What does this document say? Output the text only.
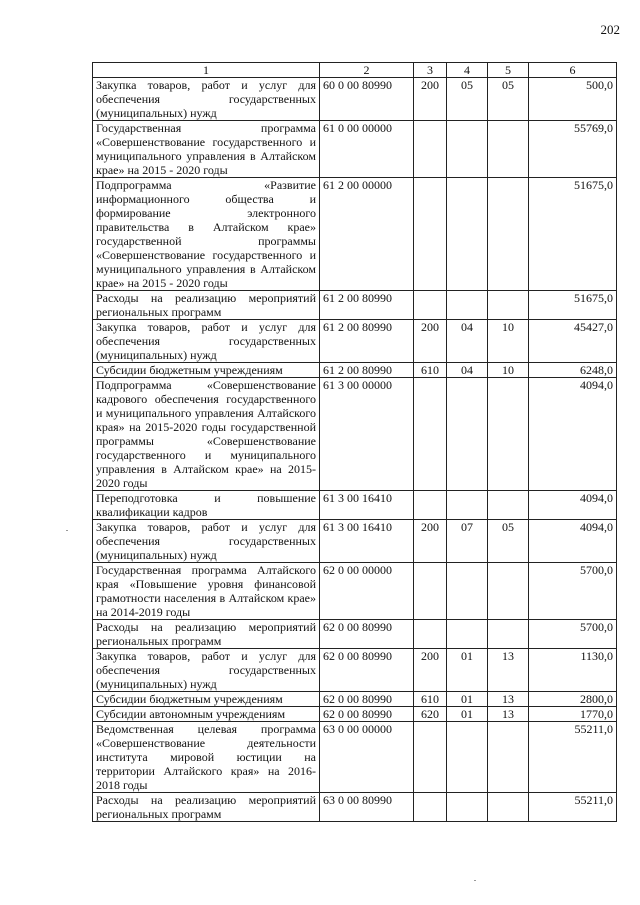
202
1	2	3	4	5	6
Закупка товаров, работ и услуг для обеспечения государственных (муниципальных) нужд	60 0 00 80990	200	05	05	500,0
Государственная программа «Совершенствование государственного и муниципального управления в Алтайском крае» на 2015 - 2020 годы	61 0 00 00000				55769,0
Подпрограмма «Развитие информационного общества и формирование электронного правительства в Алтайском крае» государственной программы «Совершенствование государственного и муниципального управления в Алтайском крае» на 2015 - 2020 годы	61 2 00 00000				51675,0
Расходы на реализацию мероприятий региональных программ	61 2 00 80990				51675,0
Закупка товаров, работ и услуг для обеспечения государственных (муниципальных) нужд	61 2 00 80990	200	04	10	45427,0
Субсидии бюджетным учреждениям	61 2 00 80990	610	04	10	6248,0
Подпрограмма «Совершенствование кадрового обеспечения государственного и муниципального управления Алтайского края» на 2015-2020 годы государственной программы «Совершенствование государственного и муниципального управления в Алтайском крае» на 2015-2020 годы	61 3 00 00000				4094,0
Переподготовка и повышение квалификации кадров	61 3 00 16410				4094,0
Закупка товаров, работ и услуг для обеспечения государственных (муниципальных) нужд	61 3 00 16410	200	07	05	4094,0
Государственная программа Алтайского края «Повышение уровня финансовой грамотности населения в Алтайском крае» на 2014-2019 годы	62 0 00 00000				5700,0
Расходы на реализацию мероприятий региональных программ	62 0 00 80990				5700,0
Закупка товаров, работ и услуг для обеспечения государственных (муниципальных) нужд	62 0 00 80990	200	01	13	1130,0
Субсидии бюджетным учреждениям	62 0 00 80990	610	01	13	2800,0
Субсидии автономным учреждениям	62 0 00 80990	620	01	13	1770,0
Ведомственная целевая программа «Совершенствование деятельности института мировой юстиции на территории Алтайского края» на 2016-2018 годы	63 0 00 00000				55211,0
Расходы на реализацию мероприятий региональных программ	63 0 00 80990				55211,0
